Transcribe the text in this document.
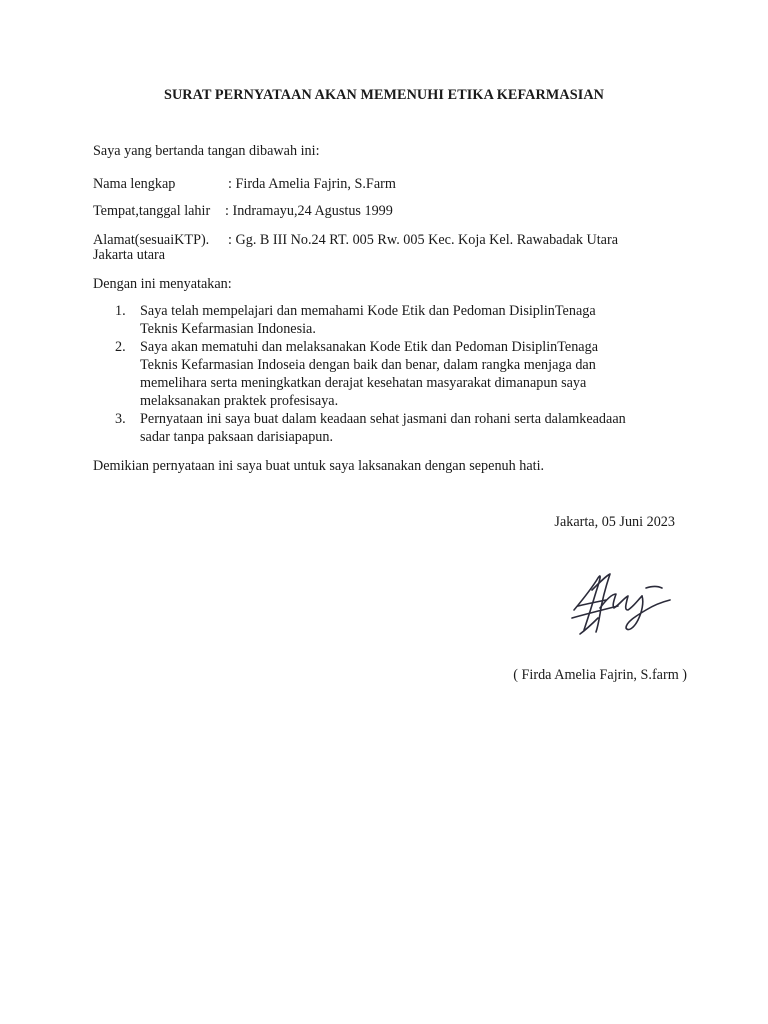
SURAT PERNYATAAN AKAN MEMENUHI ETIKA KEFARMASIAN
Saya yang bertanda tangan dibawah ini:
Nama lengkap	: Firda Amelia Fajrin, S.Farm
Tempat,tanggal lahir : Indramayu,24 Agustus 1999
Alamat(sesuaiKTP). : Gg. B III No.24 RT. 005 Rw. 005 Kec. Koja Kel. Rawabadak Utara
Jakarta utara
Dengan ini menyatakan:
1. Saya telah mempelajari dan memahami Kode Etik dan Pedoman DisiplinTenaga
Teknis Kefarmasian Indonesia.
2. Saya akan mematuhi dan melaksanakan Kode Etik dan Pedoman DisiplinTenaga
Teknis Kefarmasian Indoseia dengan baik dan benar, dalam rangka menjaga dan
memelihara serta meningkatkan derajat kesehatan masyarakat dimanapun saya
melaksanakan praktek profesisaya.
3. Pernyataan ini saya buat dalam keadaan sehat jasmani dan rohani serta dalamkeadaan
sadar tanpa paksaan darisiapapun.
Demikian pernyataan ini saya buat untuk saya laksanakan dengan sepenuh hati.
Jakarta, 05 Juni 2023
( Firda Amelia Fajrin, S.farm )
